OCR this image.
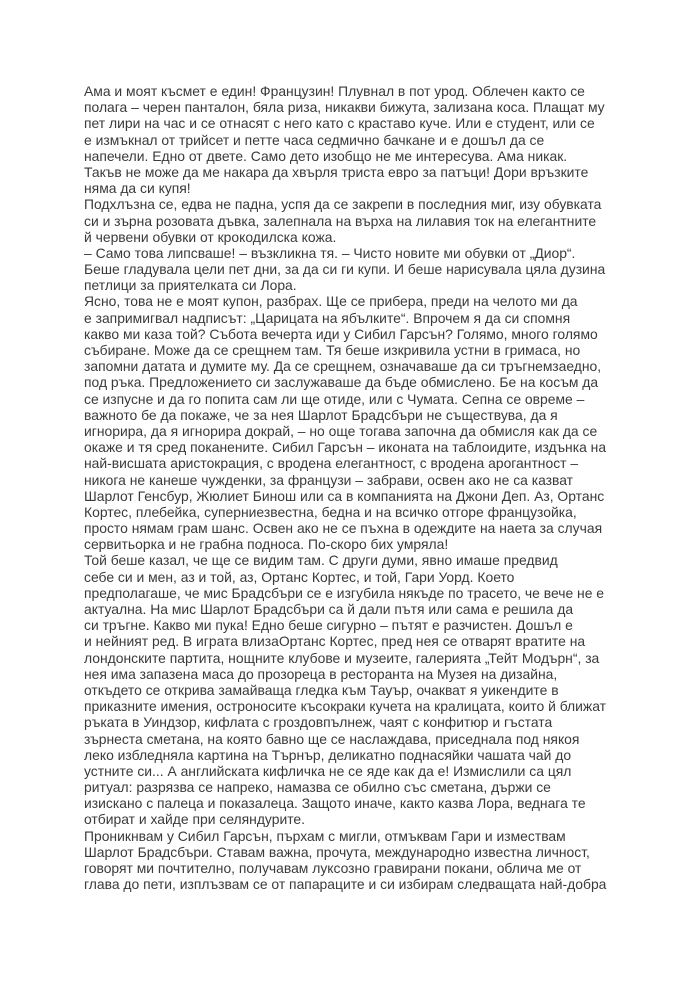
Ама и моят късмет е един! Французин! Плувнал в пот урод. Облечен както се
полага – черен панталон, бяла риза, никакви бижута, зализана коса. Плащат му
пет лири на час и се отнасят с него като с краставо куче. Или е студент, или се
е измъкнал от трийсет и петте часа седмично бачкане и е дошъл да се
напечели. Едно от двете. Само дето изобщо не ме интересува. Ама никак.
Такъв не може да ме накара да хвърля триста евро за патъци! Дори връзките
няма да си купя!
Подхлъзна се, едва не падна, успя да се закрепи в последния миг, изу обувката
си и зърна розовата дъвка, залепнала на върха на лилавия ток на елегантните
й червени обувки от крокодилска кожа.
– Само това липсваше! – възкликна тя. – Чисто новите ми обувки от „Диор“.
Беше гладувала цели пет дни, за да си ги купи. И беше нарисувала цяла дузина
петлици за приятелката си Лора.
Ясно, това не е моят купон, разбрах. Ще се прибера, преди на челото ми да
е запримигвал надписът: „Царицата на ябълките“. Впрочем я да си спомня
какво ми каза той? Събота вечерта иди у Сибил Гарсън? Голямо, много голямо
събиране. Може да се срещнем там. Тя беше изкривила устни в гримаса, но
запомни датата и думите му. Да се срещнем, означаваше да си тръгнемзаедно,
под ръка. Предложението си заслужаваше да бъде обмислено. Бе на косъм да
се изпусне и да го попита сам ли ще отиде, или с Чумата. Сепна се овреме –
важното бе да покаже, че за нея Шарлот Брадсбъри не съществува, да я
игнорира, да я игнорира докрай, – но още тогава започна да обмисля как да се
окаже и тя сред поканените. Сибил Гарсън – иконата на таблоидите, издънка на
най-висшата аристокрация, с вродена елегантност, с вродена арогантност –
никога не канеше чужденки, за французи – забрави, освен ако не са казват
Шарлот Генсбур, Жюлиет Бинош или са в компанията на Джони Деп. Аз, Ортанс
Кортес, плебейка, суперниезвестна, бедна и на всичко отгоре французойка,
просто нямам грам шанс. Освен ако не се пъхна в одеждите на наета за случая
сервитьорка и не грабна подноса. По-скоро бих умряла!
Той беше казал, че ще се видим там. С други думи, явно имаше предвид
себе си и мен, аз и той, аз, Ортанс Кортес, и той, Гари Уорд. Което
предполагаше, че мис Брадсбъри се е изгубила някъде по трасето, че вече не е
актуална. На мис Шарлот Брадсбъри са й дали пътя или сама е решила да
си тръгне. Какво ми пука! Едно беше сигурно – пътят е разчистен. Дошъл е
и нейният ред. В играта влизаОртанс Кортес, пред нея се отварят вратите на
лондонските партита, нощните клубове и музеите, галерията „Тейт Модърн“, за
нея има запазена маса до прозореца в ресторанта на Музея на дизайна,
откъдето се открива замайваща гледка към Тауър, очакват я уикендите в
приказните имения, остроносите късокраки кучета на кралицата, които й ближат
ръката в Уиндзор, кифлата с гроздовпълнеж, чаят с конфитюр и гъстата
зърнеста сметана, на която бавно ще се наслаждава, приседнала под някоя
леко избледняла картина на Търнър, деликатно поднасяйки чашата чай до
устните си... А английската кифличка не се яде как да е! Измислили са цял
ритуал: разрязва се напреко, намазва се обилно със сметана, държи се
изискано с палеца и показалеца. Защото иначе, както казва Лора, веднага те
отбират и хайде при селяндурите.
Проникнвам у Сибил Гарсън, пърхам с мигли, отмъквам Гари и измествам
Шарлот Брадсбъри. Ставам важна, прочута, международно известна личност,
говорят ми почтително, получавам луксозно гравирани покани, облича ме от
глава до пети, изплъзвам се от папараците и си избирам следващата най-добра
